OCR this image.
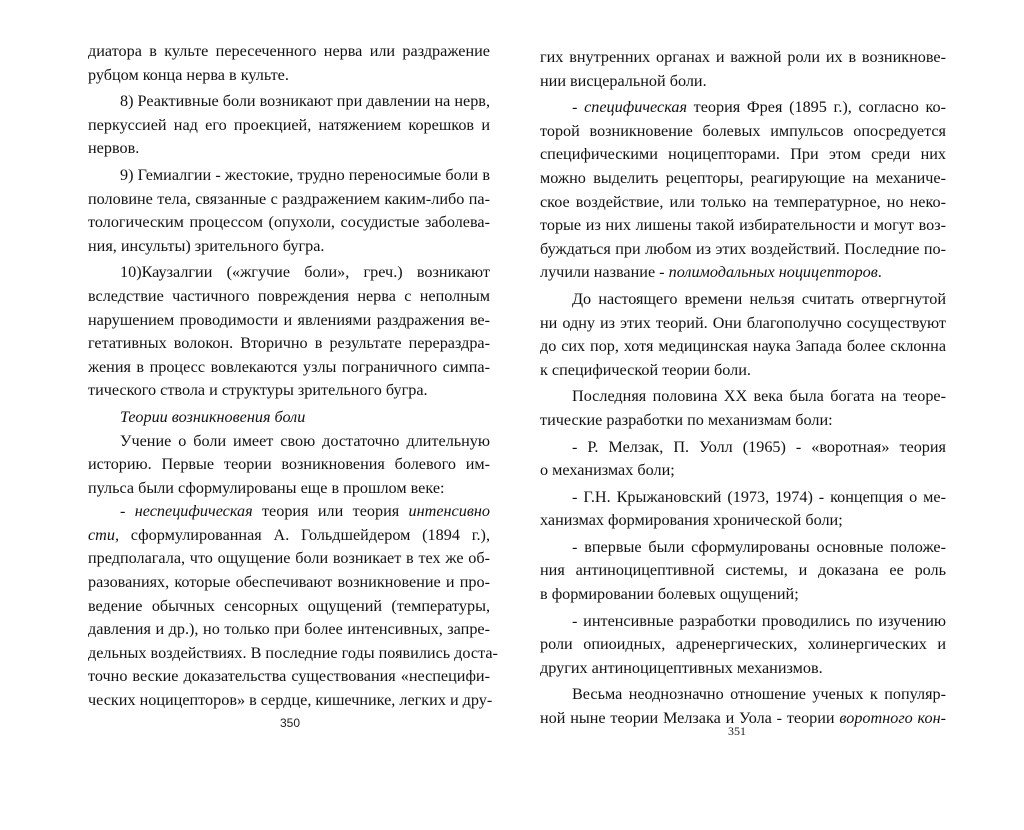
диатора в культе пересеченного нерва или раздражение
рубцом конца нерва в культе.
8) Реактивные боли возникают при давлении на нерв,
перкуссией над его проекцией, натяжением корешков и
нервов.
9) Гемиалгии - жестокие, трудно переносимые боли в
половине тела, связанные с раздражением каким-либо па-
тологическим процессом (опухоли, сосудистые заболева-
ния, инсульты) зрительного бугра.
10)Каузалгии («жгучие боли», греч.) возникают
вследствие частичного повреждения нерва с неполным
нарушением проводимости и явлениями раздражения ве-
гетативных волокон. Вторично в результате перераздра-
жения в процесс вовлекаются узлы пограничного симпа-
тического ствола и структуры зрительного бугра.
Теории возникновения боли
Учение о боли имеет свою достаточно длительную
историю. Первые теории возникновения болевого им-
пульса были сформулированы еще в прошлом веке:
- неспецифическая теория или теория интенсивно
сти, сформулированная А. Гольдшейдером (1894 г.),
предполагала, что ощущение боли возникает в тех же об-
разованиях, которые обеспечивают возникновение и про-
ведение обычных сенсорных ощущений (температуры,
давления и др.), но только при более интенсивных, запре-
дельных воздействиях. В последние годы появились доста-
точно веские доказательства существования «неспецифи-
ческих ноцицепторов» в сердце, кишечнике, легких и дру-
350
гих внутренних органах и важной роли их в возникнове-
нии висцеральной боли.
- специфическая теория Фрея (1895 г.), согласно ко-
торой возникновение болевых импульсов опосредуется
специфическими ноцицепторами. При этом среди них
можно выделить рецепторы, реагирующие на механиче-
ское воздействие, или только на температурное, но неко-
торые из них лишены такой избирательности и могут воз-
буждаться при любом из этих воздействий. Последние по-
лучили название - полимодальных ноцицепторов.
До настоящего времени нельзя считать отвергнутой
ни одну из этих теорий. Они благополучно сосуществуют
до сих пор, хотя медицинская наука Запада более склонна
к специфической теории боли.
Последняя половина XX века была богата на теоре-
тические разработки по механизмам боли:
- Р. Мелзак, П. Уолл (1965) - «воротная» теория
о механизмах боли;
- Г.Н. Крыжановский (1973, 1974) - концепция о ме-
ханизмах формирования хронической боли;
- впервые были сформулированы основные положе-
ния антиноцицептивной системы, и доказана ее роль
в формировании болевых ощущений;
- интенсивные разработки проводились по изучению
роли опиоидных, адренергических, холинергических и
других антиноцицептивных механизмов.
Весьма неоднозначно отношение ученых к популяр-
ной ныне теории Мелзака и Уола - теории воротного кон-
351
